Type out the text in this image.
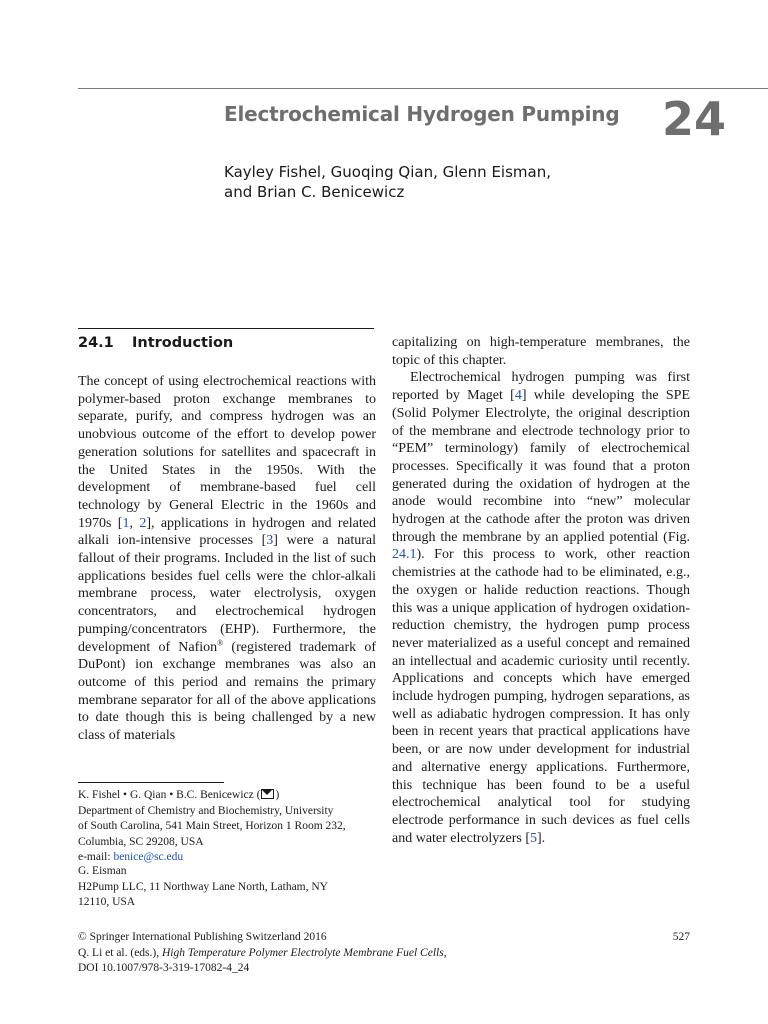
Electrochemical Hydrogen Pumping 24
Kayley Fishel, Guoqing Qian, Glenn Eisman,
and Brian C. Benicewicz
24.1 Introduction

The concept of using electrochemical reactions with polymer-based proton exchange membranes to separate, purify, and compress hydrogen was an unobvious outcome of the effort to develop power generation solutions for satellites and spacecraft in the United States in the 1950s. With the development of membrane-based fuel cell technology by General Electric in the 1960s and 1970s [1, 2], applications in hydrogen and related alkali ion-intensive processes [3] were a natural fallout of their programs. Included in the list of such applications besides fuel cells were the chlor-alkali membrane process, water electrolysis, oxygen concentrators, and electrochemical hydrogen pumping/concentrators (EHP). Furthermore, the development of Nafion® (registered trademark of DuPont) ion exchange membranes was also an outcome of this period and remains the primary membrane separator for all of the above applications to date though this is being challenged by a new class of materials

capitalizing on high-temperature membranes, the topic of this chapter.

Electrochemical hydrogen pumping was first reported by Maget [4] while developing the SPE (Solid Polymer Electrolyte, the original description of the membrane and electrode technology prior to “PEM” terminology) family of electrochemical processes. Specifically it was found that a proton generated during the oxidation of hydrogen at the anode would recombine into “new” molecular hydrogen at the cathode after the proton was driven through the membrane by an applied potential (Fig. 24.1). For this process to work, other reaction chemistries at the cathode had to be eliminated, e.g., the oxygen or halide reduction reactions. Though this was a unique application of hydrogen oxidation-reduction chemistry, the hydrogen pump process never materialized as a useful concept and remained an intellectual and academic curiosity until recently. Applications and concepts which have emerged include hydrogen pumping, hydrogen separations, as well as adiabatic hydrogen compression. It has only been in recent years that practical applications have been, or are now under development for industrial and alternative energy applications. Furthermore, this technique has been found to be a useful electrochemical analytical tool for studying electrode performance in such devices as fuel cells and water electrolyzers [5].

K. Fishel • G. Qian • B.C. Benicewicz ( )
Department of Chemistry and Biochemistry, University
of South Carolina, 541 Main Street, Horizon 1 Room 232,
Columbia, SC 29208, USA
e-mail: benice@sc.edu
G. Eisman
H2Pump LLC, 11 Northway Lane North, Latham, NY
12110, USA
© Springer International Publishing Switzerland 2016	527
Q. Li et al. (eds.), High Temperature Polymer Electrolyte Membrane Fuel Cells,
DOI 10.1007/978-3-319-17082-4_24
